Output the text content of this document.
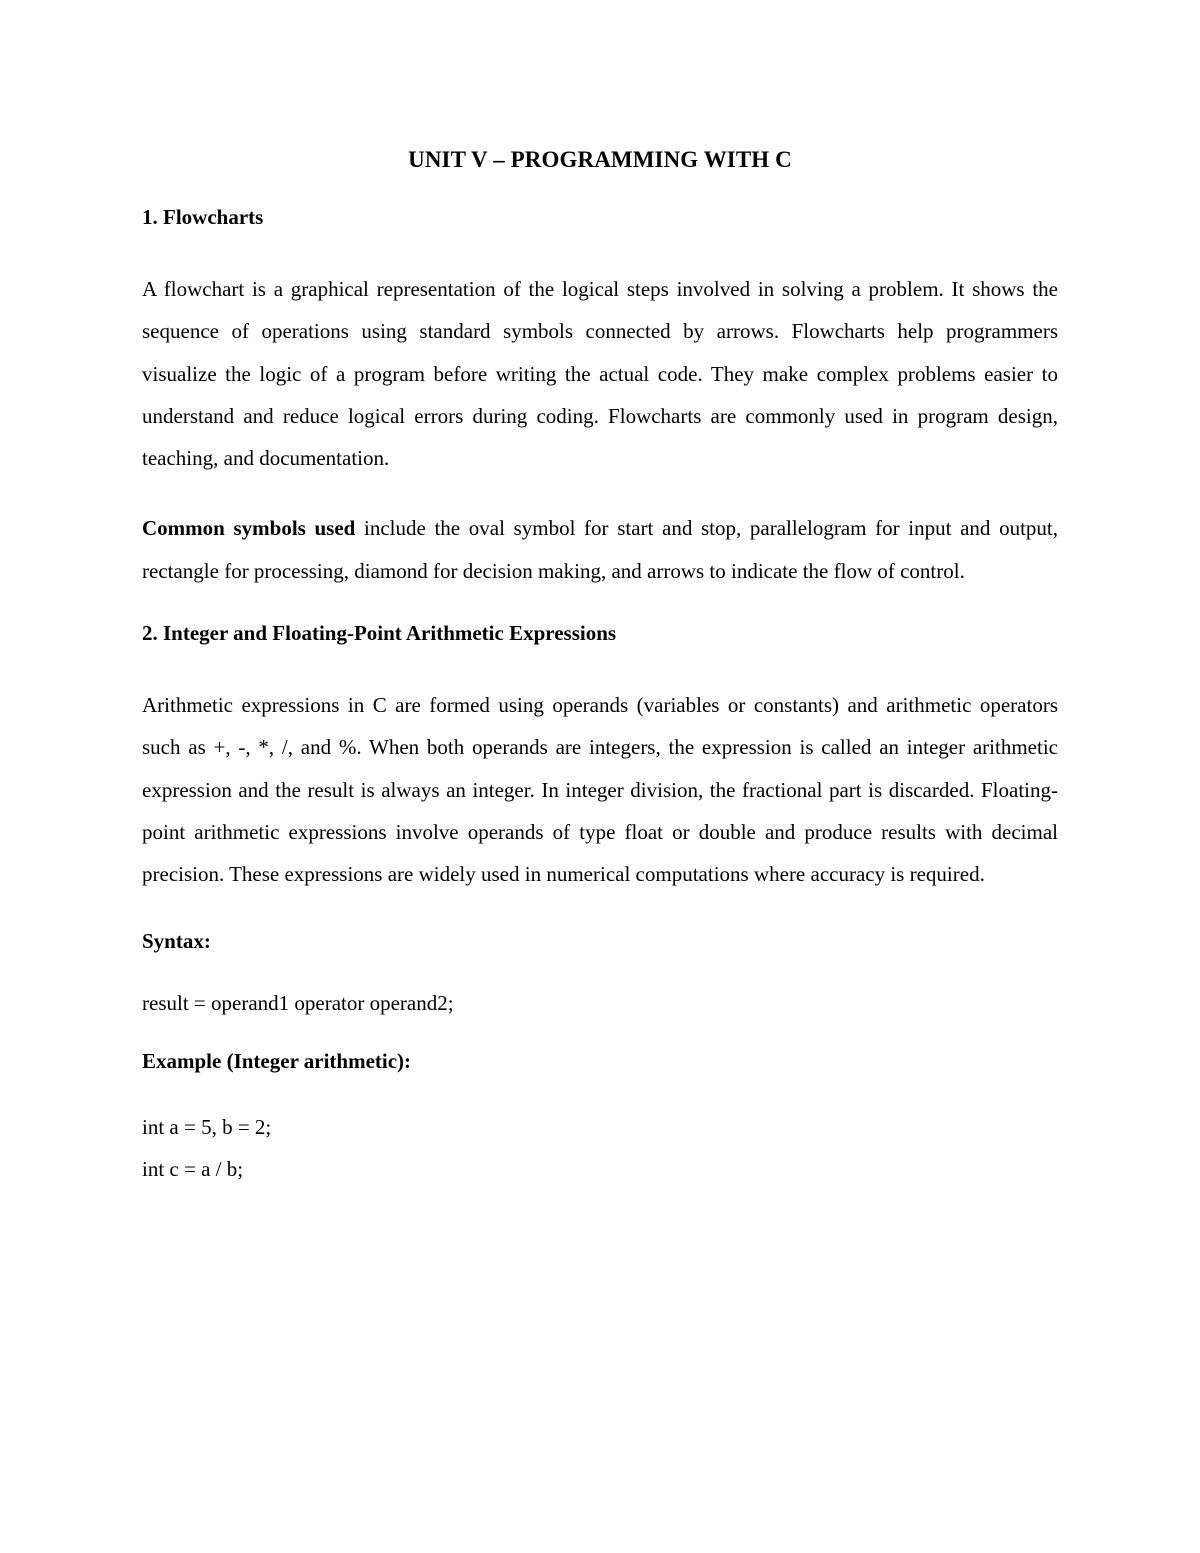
UNIT V – PROGRAMMING WITH C
1. Flowcharts

A flowchart is a graphical representation of the logical steps involved in solving a problem. It shows the sequence of operations using standard symbols connected by arrows. Flowcharts help programmers visualize the logic of a program before writing the actual code. They make complex problems easier to understand and reduce logical errors during coding. Flowcharts are commonly used in program design, teaching, and documentation.

Common symbols used include the oval symbol for start and stop, parallelogram for input and output, rectangle for processing, diamond for decision making, and arrows to indicate the flow of control.

2. Integer and Floating-Point Arithmetic Expressions

Arithmetic expressions in C are formed using operands (variables or constants) and arithmetic operators such as +, -, *, /, and %. When both operands are integers, the expression is called an integer arithmetic expression and the result is always an integer. In integer division, the fractional part is discarded. Floating-point arithmetic expressions involve operands of type float or double and produce results with decimal precision. These expressions are widely used in numerical computations where accuracy is required.

Syntax:

result = operand1 operator operand2;

Example (Integer arithmetic):

int a = 5, b = 2;

int c = a / b;
